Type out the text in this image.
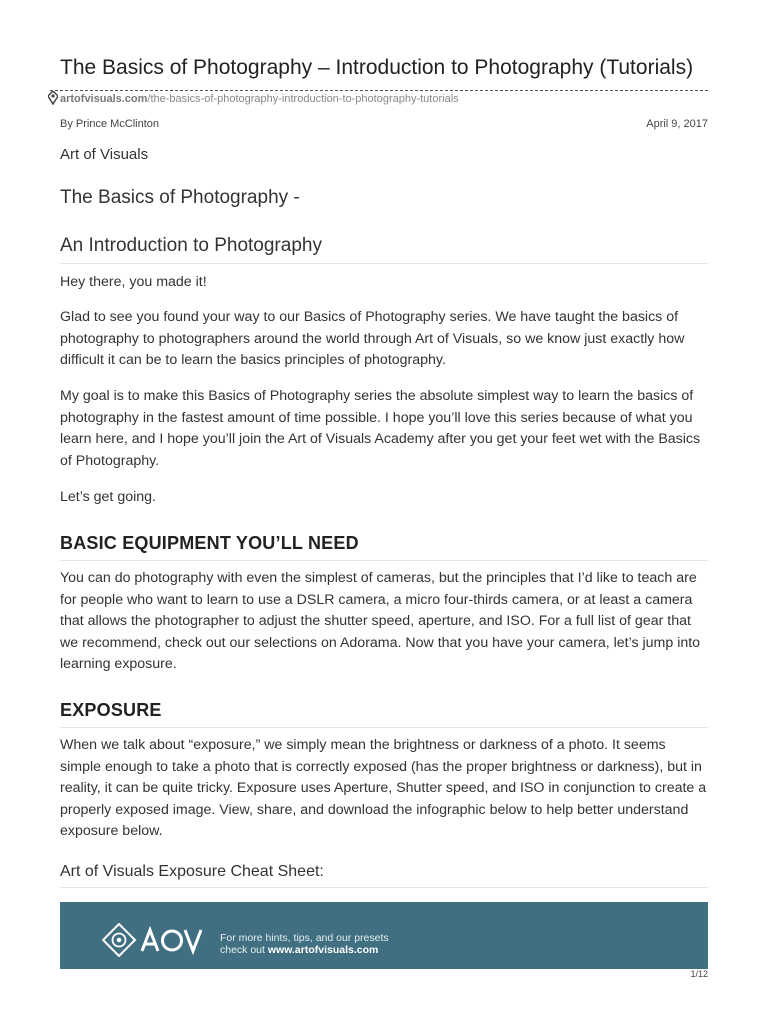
The Basics of Photography – Introduction to Photography (Tutorials)
artofvisuals.com/the-basics-of-photography-introduction-to-photography-tutorials
By Prince McClinton	April 9, 2017
Art of Visuals
The Basics of Photography -
An Introduction to Photography

Hey there, you made it!

Glad to see you found your way to our Basics of Photography series. We have taught the basics of photography to photographers around the world through Art of Visuals, so we know just exactly how difficult it can be to learn the basics principles of photography.

My goal is to make this Basics of Photography series the absolute simplest way to learn the basics of photography in the fastest amount of time possible. I hope you’ll love this series because of what you learn here, and I hope you’ll join the Art of Visuals Academy after you get your feet wet with the Basics of Photography.

Let’s get going.

BASIC EQUIPMENT YOU’LL NEED

You can do photography with even the simplest of cameras, but the principles that I’d like to teach are for people who want to learn to use a DSLR camera, a micro four-thirds camera, or at least a camera that allows the photographer to adjust the shutter speed, aperture, and ISO. For a full list of gear that we recommend, check out our selections on Adorama. Now that you have your camera, let’s jump into learning exposure.

EXPOSURE

When we talk about “exposure,” we simply mean the brightness or darkness of a photo. It seems simple enough to take a photo that is correctly exposed (has the proper brightness or darkness), but in reality, it can be quite tricky. Exposure uses Aperture, Shutter speed, and ISO in conjunction to create a properly exposed image. View, share, and download the infographic below to help better understand exposure below.

Art of Visuals Exposure Cheat Sheet:
For more hints, tips, and our presets
check out www.artofvisuals.com
1/12
